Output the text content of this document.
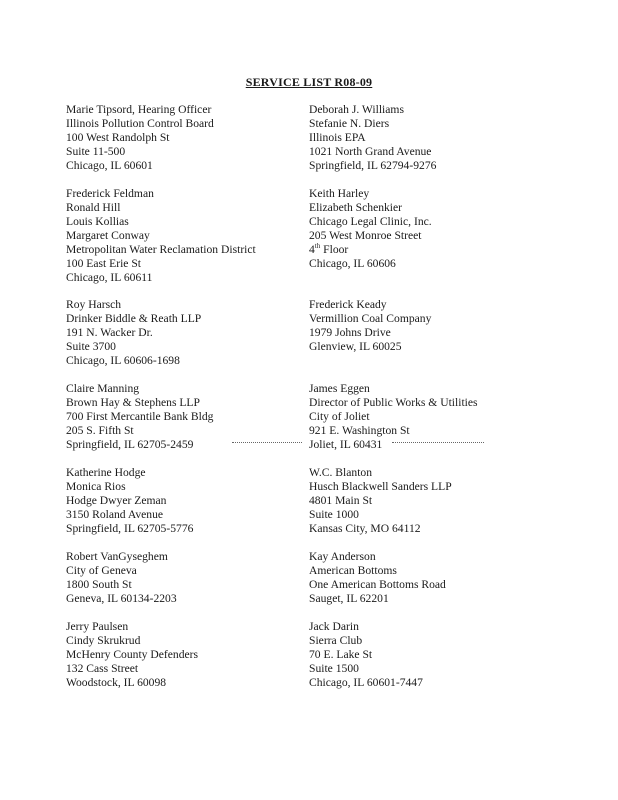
SERVICE LIST R08-09
Marie Tipsord, Hearing Officer
Illinois Pollution Control Board
100 West Randolph St
Suite 11-500
Chicago, IL 60601
Deborah J. Williams
Stefanie N. Diers
Illinois EPA
1021 North Grand Avenue
Springfield, IL 62794-9276
Frederick Feldman
Ronald Hill
Louis Kollias
Margaret Conway
Metropolitan Water Reclamation District
100 East Erie St
Chicago, IL 60611
Keith Harley
Elizabeth Schenkier
Chicago Legal Clinic, Inc.
205 West Monroe Street
4th Floor
Chicago, IL 60606
Roy Harsch
Drinker Biddle & Reath LLP
191 N. Wacker Dr.
Suite 3700
Chicago, IL 60606-1698
Frederick Keady
Vermillion Coal Company
1979 Johns Drive
Glenview, IL 60025
Claire Manning
Brown Hay & Stephens LLP
700 First Mercantile Bank Bldg
205 S. Fifth St
Springfield, IL 62705-2459
James Eggen
Director of Public Works & Utilities
City of Joliet
921 E. Washington St
Joliet, IL 60431
Katherine Hodge
Monica Rios
Hodge Dwyer Zeman
3150 Roland Avenue
Springfield, IL 62705-5776
W.C. Blanton
Husch Blackwell Sanders LLP
4801 Main St
Suite 1000
Kansas City, MO 64112
Robert VanGyseghem
City of Geneva
1800 South St
Geneva, IL 60134-2203
Kay Anderson
American Bottoms
One American Bottoms Road
Sauget, IL 62201
Jerry Paulsen
Cindy Skrukrud
McHenry County Defenders
132 Cass Street
Woodstock, IL 60098
Jack Darin
Sierra Club
70 E. Lake St
Suite 1500
Chicago, IL 60601-7447
